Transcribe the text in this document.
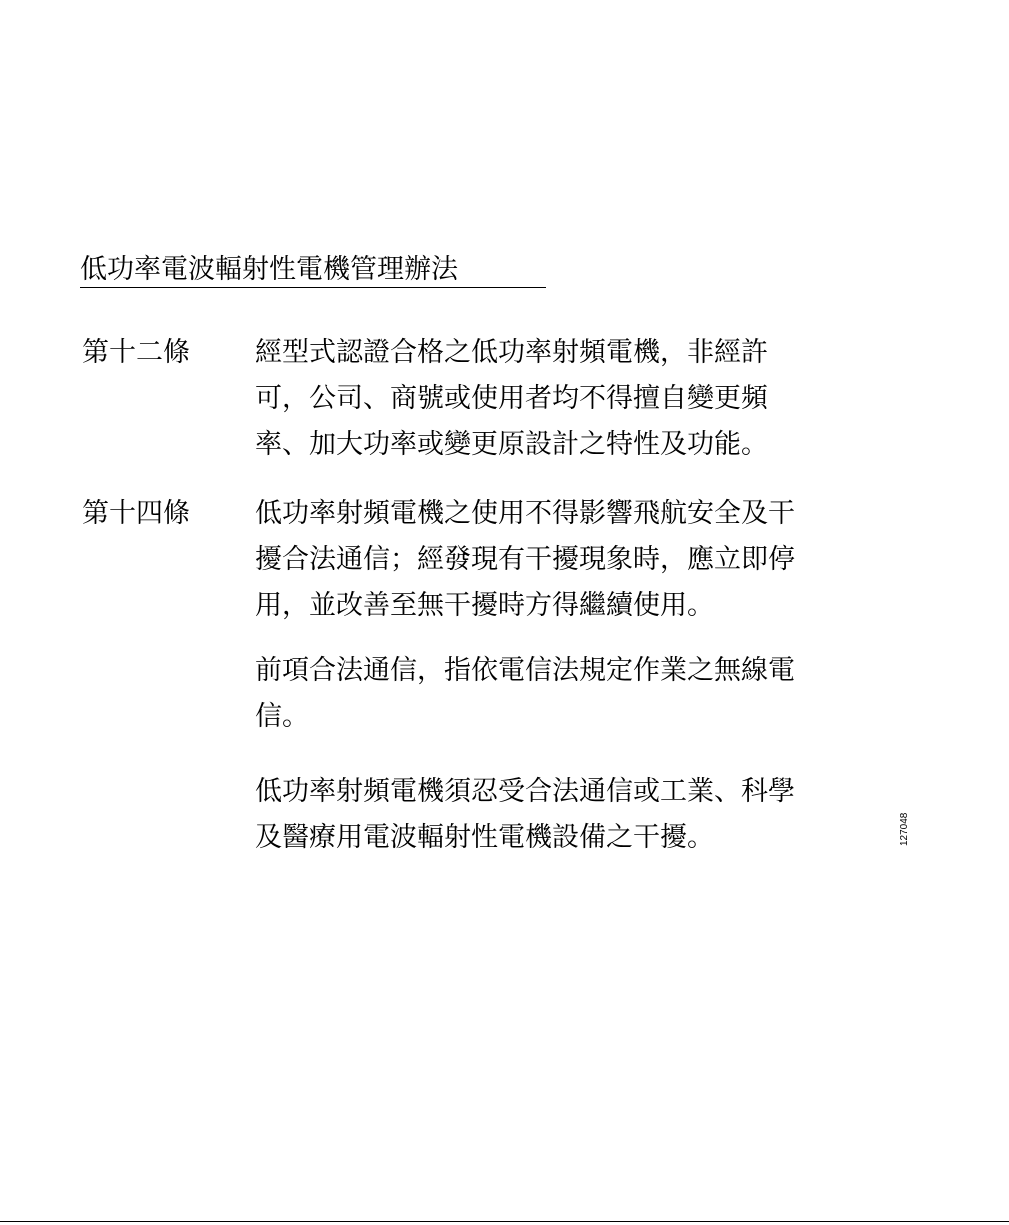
低功率電波輻射性電機管理辦法
第十二條 經型式認證合格之低功率射頻電機，非經許
可，公司、商號或使用者均不得擅自變更頻
率、加大功率或變更原設計之特性及功能。
第十四條 低功率射頻電機之使用不得影響飛航安全及干
擾合法通信；經發現有干擾現象時，應立即停
用，並改善至無干擾時方得繼續使用。
前項合法通信，指依電信法規定作業之無線電
信。
低功率射頻電機須忍受合法通信或工業、科學
及醫療用電波輻射性電機設備之干擾。	127048
